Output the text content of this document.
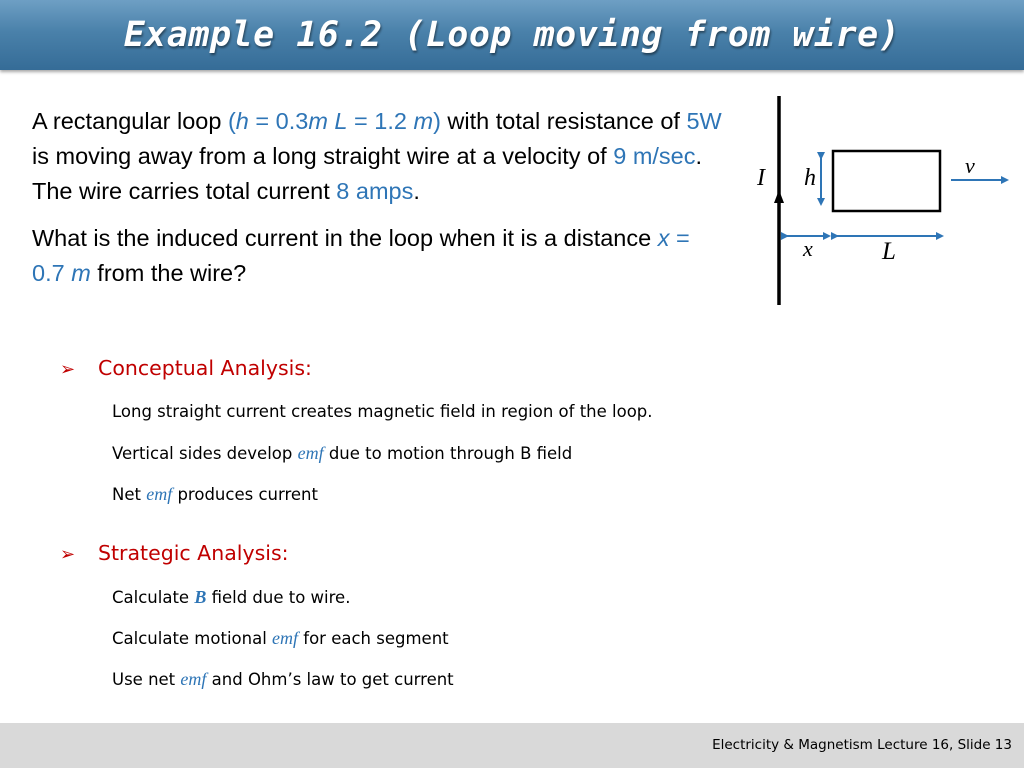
Example 16.2 (Loop moving from wire)

A rectangular loop (h = 0.3m L = 1.2 m) with total resistance of 5W is moving away from a long straight wire at a velocity of 9 m/sec. The wire carries total current 8 amps.

What is the induced current in the loop when it is a distance x = 0.7 m from the wire?

I h	v
x	L
➢ Conceptual Analysis:
Long straight current creates magnetic field in region of the loop.
Vertical sides develop emf due to motion through B field
Net emf produces current
➢ Strategic Analysis:
Calculate B field due to wire.
Calculate motional emf for each segment
Use net emf and Ohm’s law to get current
Electricity & Magnetism Lecture 16, Slide 13
